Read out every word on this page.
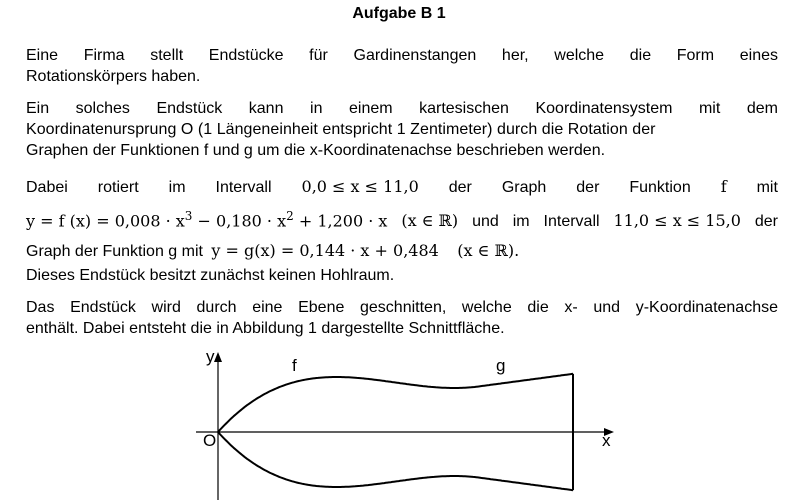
Aufgabe B 1
Eine Firma stellt Endstücke für Gardinenstangen her, welche die Form eines
Rotationskörpers haben.
Ein solches Endstück kann in einem kartesischen Koordinatensystem mit dem
Koordinatenursprung O (1 Längeneinheit entspricht 1 Zentimeter) durch die Rotation der
Graphen der Funktionen f und g um die x-Koordinatenachse beschrieben werden.
Dabei rotiert im Intervall 0,0 ≤ x ≤ 11,0 der Graph der Funktion f mit
y = f $(x) = 0,008 \cdot x^3 - 0,180 \cdot x^2 + 1,200 \cdot x$ (x ∈ ℝ) und im Intervall 11,0 ≤ x ≤ 15,0 der
Graph der Funktion g mit y = g(x) = 0,144 · x + 0,484 (x ∈ ℝ).
Dieses Endstück besitzt zunächst keinen Hohlraum.
Das Endstück wird durch eine Ebene geschnitten, welche die x- und y-Koordinatenachse
enthält. Dabei entsteht die in Abbildung 1 dargestellte Schnittfläche.
y
x
O
f	g
